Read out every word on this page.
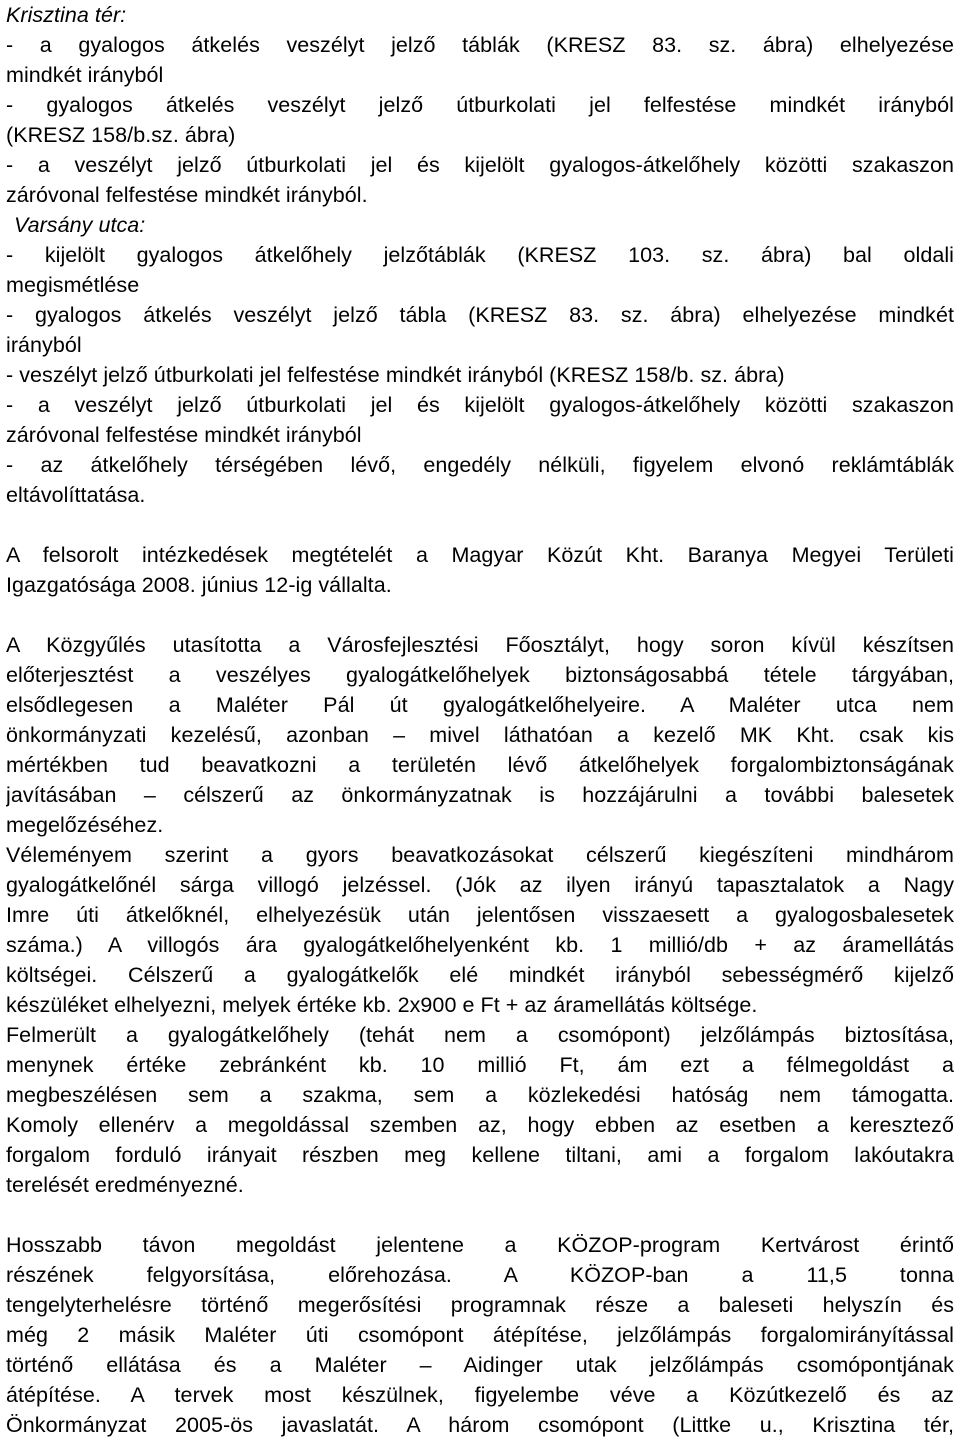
Krisztina tér:
- a gyalogos átkelés veszélyt jelző táblák (KRESZ 83. sz. ábra) elhelyezése
mindkét irányból
- gyalogos átkelés veszélyt jelző útburkolati jel felfestése mindkét irányból
(KRESZ 158/b.sz. ábra)
- a veszélyt jelző útburkolati jel és kijelölt gyalogos-átkelőhely közötti szakaszon
záróvonal felfestése mindkét irányból.
Varsány utca:
- kijelölt gyalogos átkelőhely jelzőtáblák (KRESZ 103. sz. ábra) bal oldali
megismétlése
- gyalogos átkelés veszélyt jelző tábla (KRESZ 83. sz. ábra) elhelyezése mindkét
irányból
- veszélyt jelző útburkolati jel felfestése mindkét irányból (KRESZ 158/b. sz. ábra)
- a veszélyt jelző útburkolati jel és kijelölt gyalogos-átkelőhely közötti szakaszon
záróvonal felfestése mindkét irányból
- az átkelőhely térségében lévő, engedély nélküli, figyelem elvonó reklámtáblák
eltávolíttatása.
A felsorolt intézkedések megtételét a Magyar Közút Kht. Baranya Megyei Területi
Igazgatósága 2008. június 12-ig vállalta.
A Közgyűlés utasította a Városfejlesztési Főosztályt, hogy soron kívül készítsen
előterjesztést a veszélyes gyalogátkelőhelyek biztonságosabbá tétele tárgyában,
elsődlegesen a Maléter Pál út gyalogátkelőhelyeire. A Maléter utca nem
önkormányzati kezelésű, azonban – mivel láthatóan a kezelő MK Kht. csak kis
mértékben tud beavatkozni a területén lévő átkelőhelyek forgalombiztonságának
javításában – célszerű az önkormányzatnak is hozzájárulni a további balesetek
megelőzéséhez.
Véleményem szerint a gyors beavatkozásokat célszerű kiegészíteni mindhárom
gyalogátkelőnél sárga villogó jelzéssel. (Jók az ilyen irányú tapasztalatok a Nagy
Imre úti átkelőknél, elhelyezésük után jelentősen visszaesett a gyalogosbalesetek
száma.) A villogós ára gyalogátkelőhelyenként kb. 1 millió/db + az áramellátás
költségei. Célszerű a gyalogátkelők elé mindkét irányból sebességmérő kijelző
készüléket elhelyezni, melyek értéke kb. 2x900 e Ft + az áramellátás költsége.
Felmerült a gyalogátkelőhely (tehát nem a csomópont) jelzőlámpás biztosítása,
menynek értéke zebránként kb. 10 millió Ft, ám ezt a félmegoldást a
megbeszélésen sem a szakma, sem a közlekedési hatóság nem támogatta.
Komoly ellenérv a megoldással szemben az, hogy ebben az esetben a keresztező
forgalom forduló irányait részben meg kellene tiltani, ami a forgalom lakóutakra
terelését eredményezné.
Hosszabb távon megoldást jelentene a KÖZOP-program Kertvárost érintő
részének felgyorsítása, előrehozása. A KÖZOP-ban a 11,5 tonna
tengelyterhelésre történő megerősítési programnak része a baleseti helyszín és
még 2 másik Maléter úti csomópont átépítése, jelzőlámpás forgalomirányítással
történő ellátása és a Maléter – Aidinger utak jelzőlámpás csomópontjának
átépítése. A tervek most készülnek, figyelembe véve a Közútkezelő és az
Önkormányzat 2005-ös javaslatát. A három csomópont (Littke u., Krisztina tér,
